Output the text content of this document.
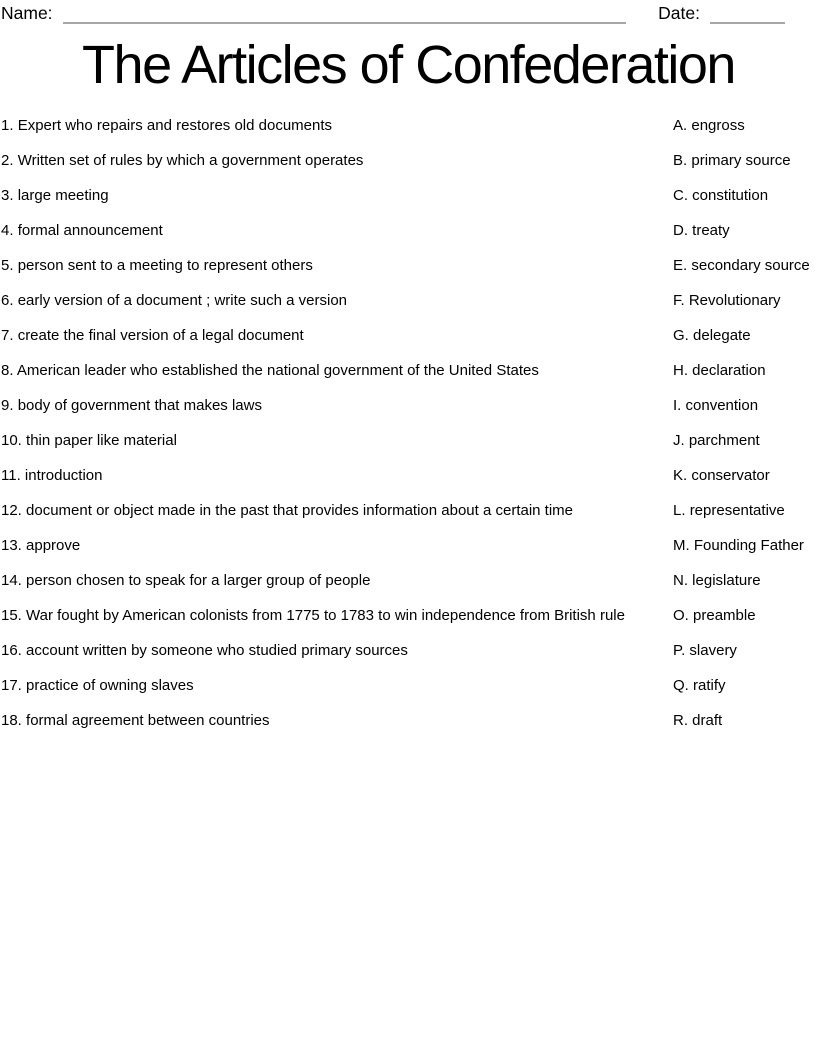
Name:	Date:
The Articles of Confederation
1. Expert who repairs and restores old documents	A. engross
2. Written set of rules by which a government operates	B. primary source
3. large meeting	C. constitution
4. formal announcement	D. treaty
5. person sent to a meeting to represent others	E. secondary source
6. early version of a document ; write such a version	F. Revolutionary
7. create the final version of a legal document	G. delegate
8. American leader who established the national government of the United States	H. declaration
9. body of government that makes laws	I. convention
10. thin paper like material	J. parchment
11. introduction	K. conservator
12. document or object made in the past that provides information about a certain time	L. representative
13. approve	M. Founding Father
14. person chosen to speak for a larger group of people	N. legislature
15. War fought by American colonists from 1775 to 1783 to win independence from British rule	O. preamble
16. account written by someone who studied primary sources	P. slavery
17. practice of owning slaves	Q. ratify
18. formal agreement between countries	R. draft
